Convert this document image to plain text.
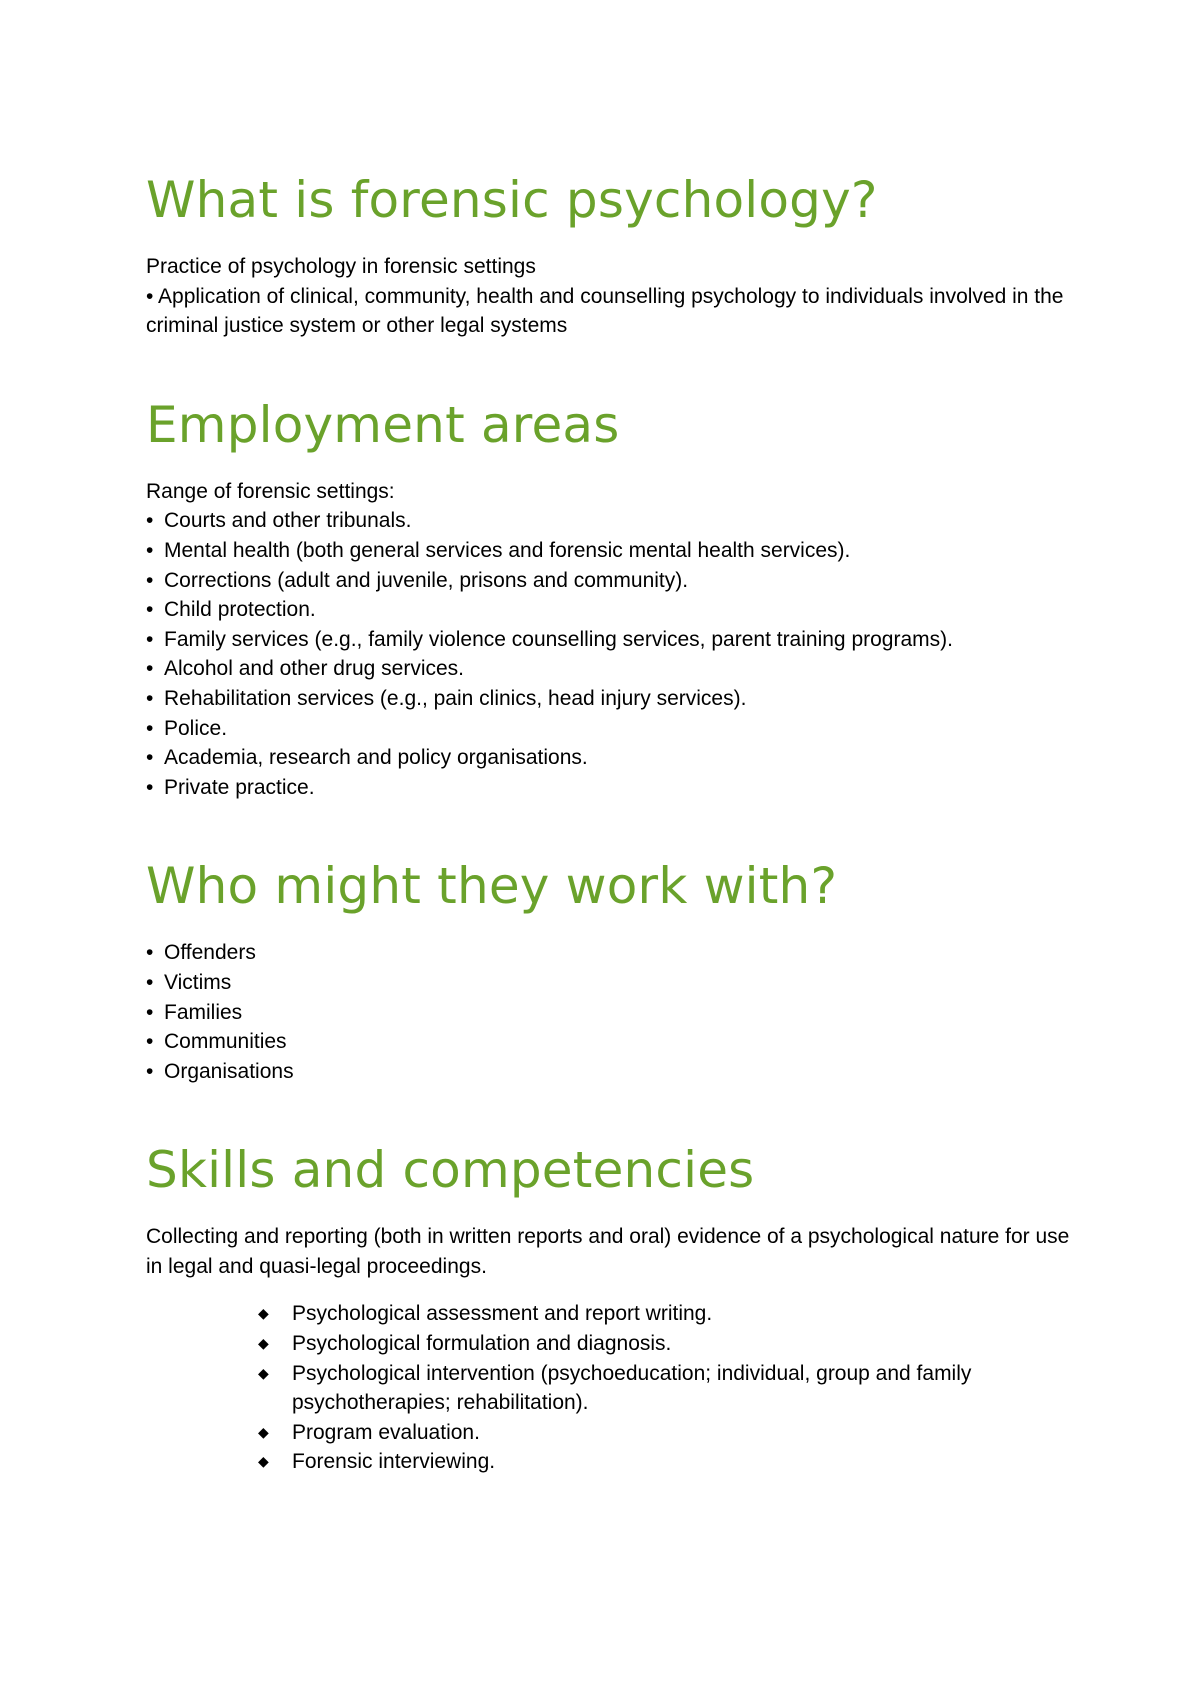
What is forensic psychology?

Practice of psychology in forensic settings

• Application of clinical, community, health and counselling psychology to individuals involved in the criminal justice system or other legal systems

Employment areas

Range of forensic settings:

• Courts and other tribunals.
• Mental health (both general services and forensic mental health services).
• Corrections (adult and juvenile, prisons and community).
• Child protection.
• Family services (e.g., family violence counselling services, parent training programs).
• Alcohol and other drug services.
• Rehabilitation services (e.g., pain clinics, head injury services).
• Police.
• Academia, research and policy organisations.
• Private practice.
Who might they work with?
• Offenders
• Victims
• Families
• Communities
• Organisations
Skills and competencies

Collecting and reporting (both in written reports and oral) evidence of a psychological nature for use in legal and quasi-legal proceedings.

◆ Psychological assessment and report writing.
◆ Psychological formulation and diagnosis.
◆ Psychological intervention (psychoeducation; individual, group and family psychotherapies; rehabilitation).
◆ Program evaluation.
◆ Forensic interviewing.
